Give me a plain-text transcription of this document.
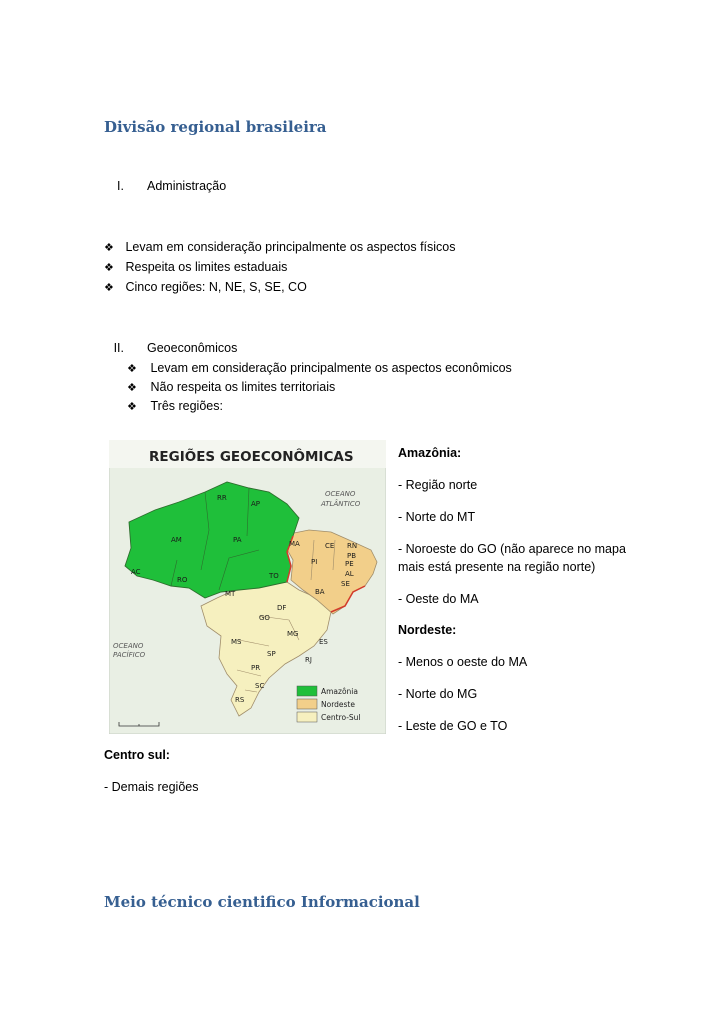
Divisão regional brasileira
I. Administração
❖ Levam em consideração principalmente os aspectos físicos
❖ Respeita os limites estaduais
❖ Cinco regiões: N, NE, S, SE, CO
II. Geoeconômicos
❖ Levam em consideração principalmente os aspectos econômicos
❖ Não respeita os limites territoriais
❖ Três regiões:
REGIÕES GEOECONÔMICAS
RR
AP
AM	PA
AC
RO
MT
MA
PI
CE RN
PB
PE
AL
SE
BA
TO
GO
DF
MS
MG
ES
SP
RJ
PR
SC
RS
OCEANO
ATLÂNTICO
OCEANO
PACÍFICO
Amazônia
Nordeste
Centro-Sul
Amazônia:
- Região norte
- Norte do MT
- Noroeste do GO (não aparece no mapa
mais está presente na região norte)
- Oeste do MA
Nordeste:
- Menos o oeste do MA
- Norte do MG
- Leste de GO e TO
Centro sul:
- Demais regiões
Meio técnico cientifico Informacional
